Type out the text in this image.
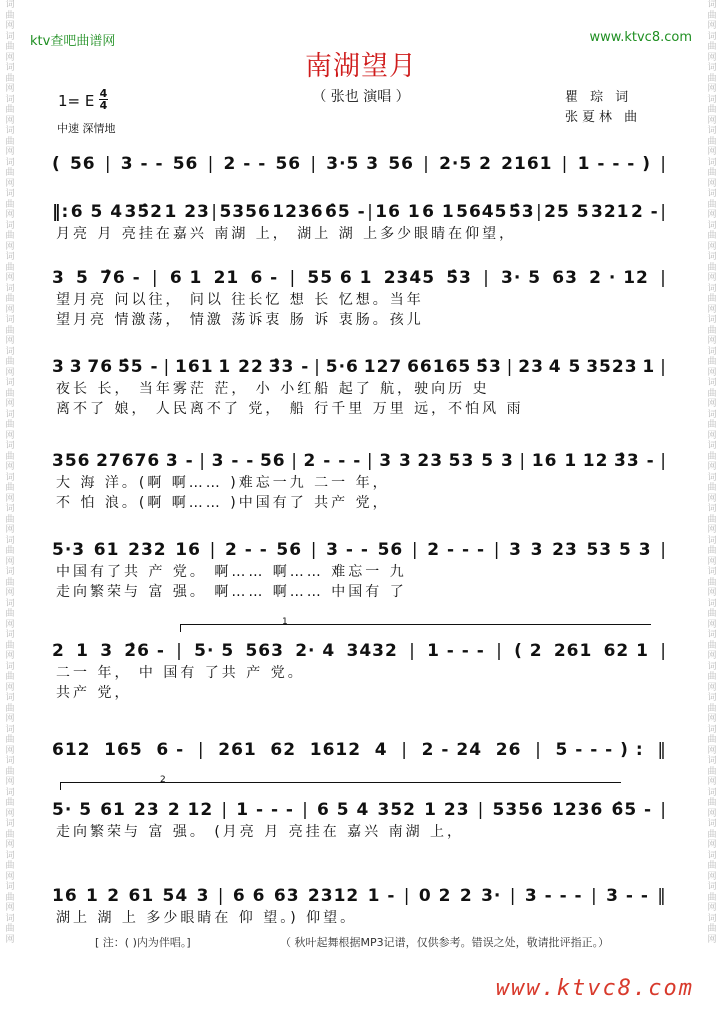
词曲网词曲网词曲网词曲网词曲网词曲网词曲网词曲网词曲网词曲网词曲网词曲网词曲网词曲网词曲网词曲网词曲网词曲网词曲网词曲网词曲网词曲网词曲网词曲网词曲网词曲网词曲网词曲网词曲网词曲网
词曲网词曲网词曲网词曲网词曲网词曲网词曲网词曲网词曲网词曲网词曲网词曲网词曲网词曲网词曲网词曲网词曲网词曲网词曲网词曲网词曲网词曲网词曲网词曲网词曲网词曲网词曲网词曲网词曲网词曲网
ktv查吧曲谱网	www.ktvc8.com
南湖望月
（ 张也 演唱 ）
1= E 4
4
中速 深情地
瞿 琮 词
张夏林 曲
( 56 | 3 - - 56 | 2 - - 56 | 3·5 3 56 | 2·5 2 2161 | 1 - - - ) |
‖: 6 5 4 35̂2 1 23 | 5356 1236 6̂5 - | 16 1 6 1 5645 5̂3 | 25 5 321 2 - |
月亮 月 亮挂在嘉兴 南湖 上， 湖上 湖 上多少眼睛在仰望，
3 5 7̂6 - | 6 1 21 6 - | 55 6 1 2345 5̂3 | 3· 5 63 2 · 12 |
望月亮 问以往， 问以 往长忆 想 长 忆想。当年
望月亮 情激荡， 情激 荡诉衷 肠 诉 衷肠。孩儿
3 3 76 5̂5 - | 161 1 22 3̂3 - | 5·6 127 66165 5̂3 | 23 4 5 3523 1 |
夜长 长， 当年雾茫 茫， 小 小红船 起了 航，驶向历 史
离不了 娘， 人民离不了 党， 船 行千里 万里 远，不怕风 雨
356 27676 3 - | 3 - - 56 | 2 - - - | 3 3 23 53 5 3 | 16 1 12 3̂3 - |
大 海 洋。(啊 啊…… )难忘一九 二一 年，
不 怕 浪。(啊 啊…… )中国有了 共产 党，
5·3 61 232 16 | 2 - - 56 | 3 - - 56 | 2 - - - | 3 3 23 53 5 3 |
中国有了共 产 党。 啊…… 啊…… 难忘一 九
走向繁荣与 富 强。 啊…… 啊…… 中国有 了
2 1 3 2̂6 - | 5· 5 563 2· 4 3432 | 1 - - - | ( 2 261 62 1 |
二一 年， 中 国有 了共 产 党。
共产 党，
612 165 6 - | 261 62 1612 4 | 2 - 24 26 | 5 - - - ) : ‖
5· 5 61 23 2 12 | 1 - - - | 6 5 4 352 1 23 | 5356 1236 6̂5 - |
走向繁荣与 富 强。 (月亮 月 亮挂在 嘉兴 南湖 上，
16 1 2 61 54 3 | 6 6 63 2312 1 - | 0 2 2 3· | 3 - - - | 3 - - ‖
湖上 湖 上 多少眼睛在 仰 望。) 仰望。
1
2
[ 注：( )内为伴唱。]	（ 秋叶起舞根据MP3记谱，仅供参考。错误之处，敬请批评指正。）
www.ktvc8.com
